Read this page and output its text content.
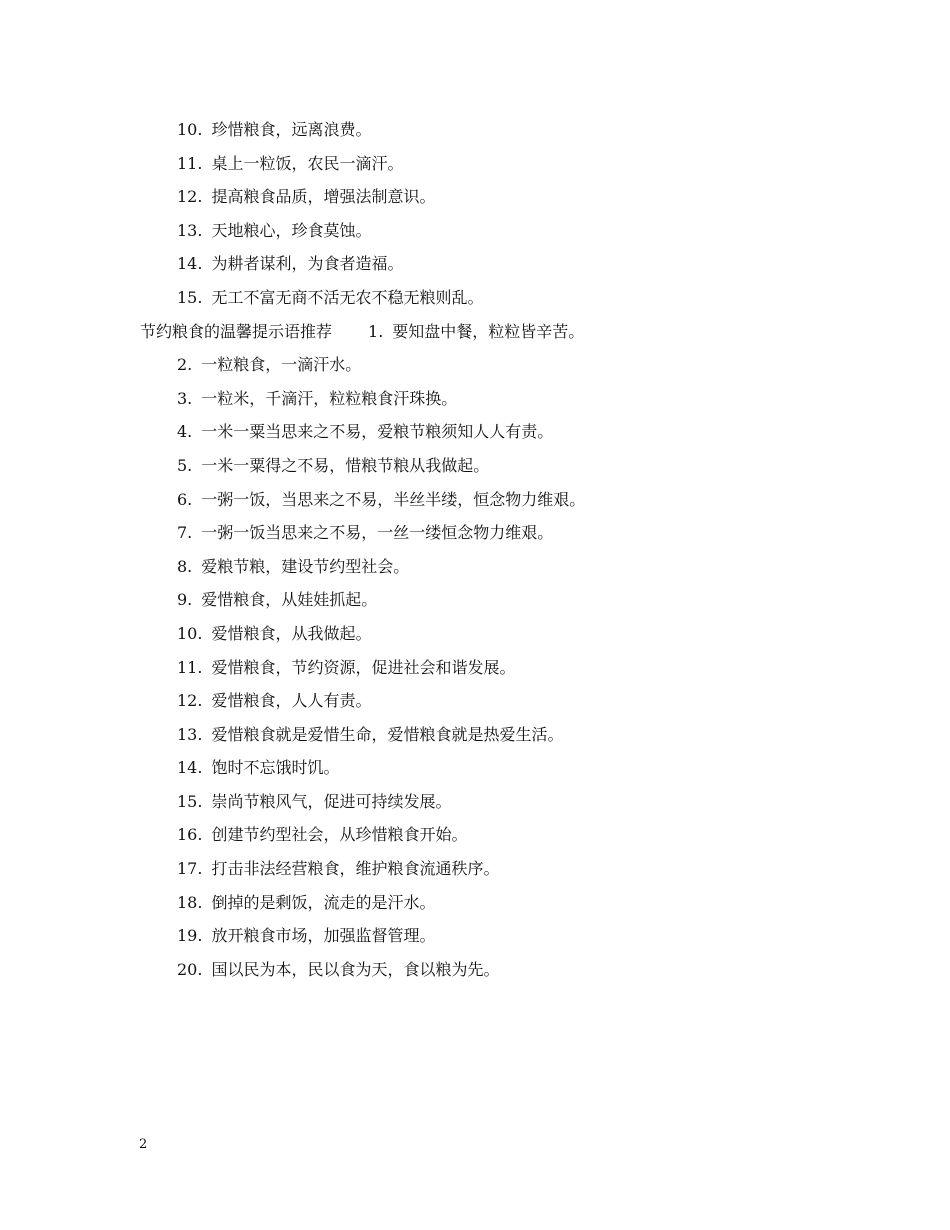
10. 珍惜粮食，远离浪费。
11. 桌上一粒饭，农民一滴汗。
12. 提高粮食品质，增强法制意识。
13. 天地粮心，珍食莫蚀。
14. 为耕者谋利，为食者造福。
15. 无工不富无商不活无农不稳无粮则乱。
节约粮食的温馨提示语推荐 1. 要知盘中餐，粒粒皆辛苦。
2. 一粒粮食，一滴汗水。
3. 一粒米，千滴汗，粒粒粮食汗珠换。
4. 一米一粟当思来之不易，爱粮节粮须知人人有责。
5. 一米一粟得之不易，惜粮节粮从我做起。
6. 一粥一饭，当思来之不易，半丝半缕，恒念物力维艰。
7. 一粥一饭当思来之不易，一丝一缕恒念物力维艰。
8. 爱粮节粮，建设节约型社会。
9. 爱惜粮食，从娃娃抓起。
10. 爱惜粮食，从我做起。
11. 爱惜粮食，节约资源，促进社会和谐发展。
12. 爱惜粮食，人人有责。
13. 爱惜粮食就是爱惜生命，爱惜粮食就是热爱生活。
14. 饱时不忘饿时饥。
15. 崇尚节粮风气，促进可持续发展。
16. 创建节约型社会，从珍惜粮食开始。
17. 打击非法经营粮食，维护粮食流通秩序。
18. 倒掉的是剩饭，流走的是汗水。
19. 放开粮食市场，加强监督管理。
20. 国以民为本，民以食为天，食以粮为先。
2
